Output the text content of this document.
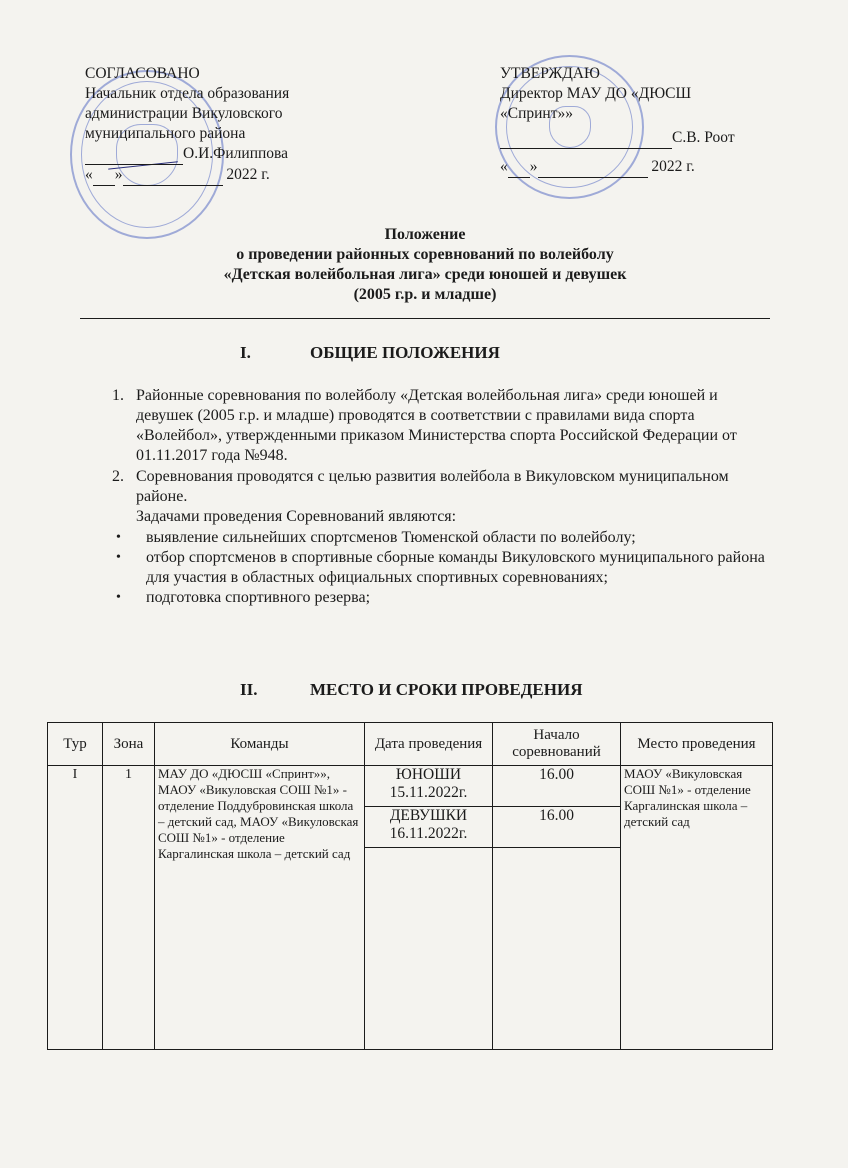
СОГЛАСОВАНО
Начальник отдела образования
администрации Викуловского
муниципального района
О.И.Филиппова
« »	2022 г.
УТВЕРЖДАЮ
Директор МАУ ДО «ДЮСШ
«Спринт»»
С.В. Роот
« »	2022 г.
Положение
о проведении районных соревнований по волейболу
«Детская волейбольная лига» среди юношей и девушек
(2005 г.р. и младше)
I.	ОБЩИЕ ПОЛОЖЕНИЯ
1. Районные соревнования по волейболу «Детская волейбольная лига» среди юношей и девушек (2005 г.р. и младше) проводятся в соответствии с правилами вида спорта «Волейбол», утвержденными приказом Министерства спорта Российской Федерации от 01.11.2017 года №948.
2. Соревнования проводятся с целью развития волейбола в Викуловском муниципальном районе.
Задачами проведения Соревнований являются:
• выявление сильнейших спортсменов Тюменской области по волейболу;
• отбор спортсменов в спортивные сборные команды Викуловского муниципального района для участия в областных официальных спортивных соревнованиях;
• подготовка спортивного резерва;
II.	МЕСТО И СРОКИ ПРОВЕДЕНИЯ
Тур	Зона	Команды	Дата проведения	Начало соревнований	Место проведения
I	1	МАУ ДО «ДЮСШ «Спринт»», МАОУ «Викуловская СОШ №1» - отделение Поддубровинская школа – детский сад, МАОУ «Викуловская СОШ №1» - отделение Каргалинская школа – детский сад	ЮНОШИ
15.11.2022г.	16.00	МАОУ «Викуловская СОШ №1» - отделение Каргалинская школа – детский сад

			ДЕВУШКИ
16.11.2022г.	16.00	
